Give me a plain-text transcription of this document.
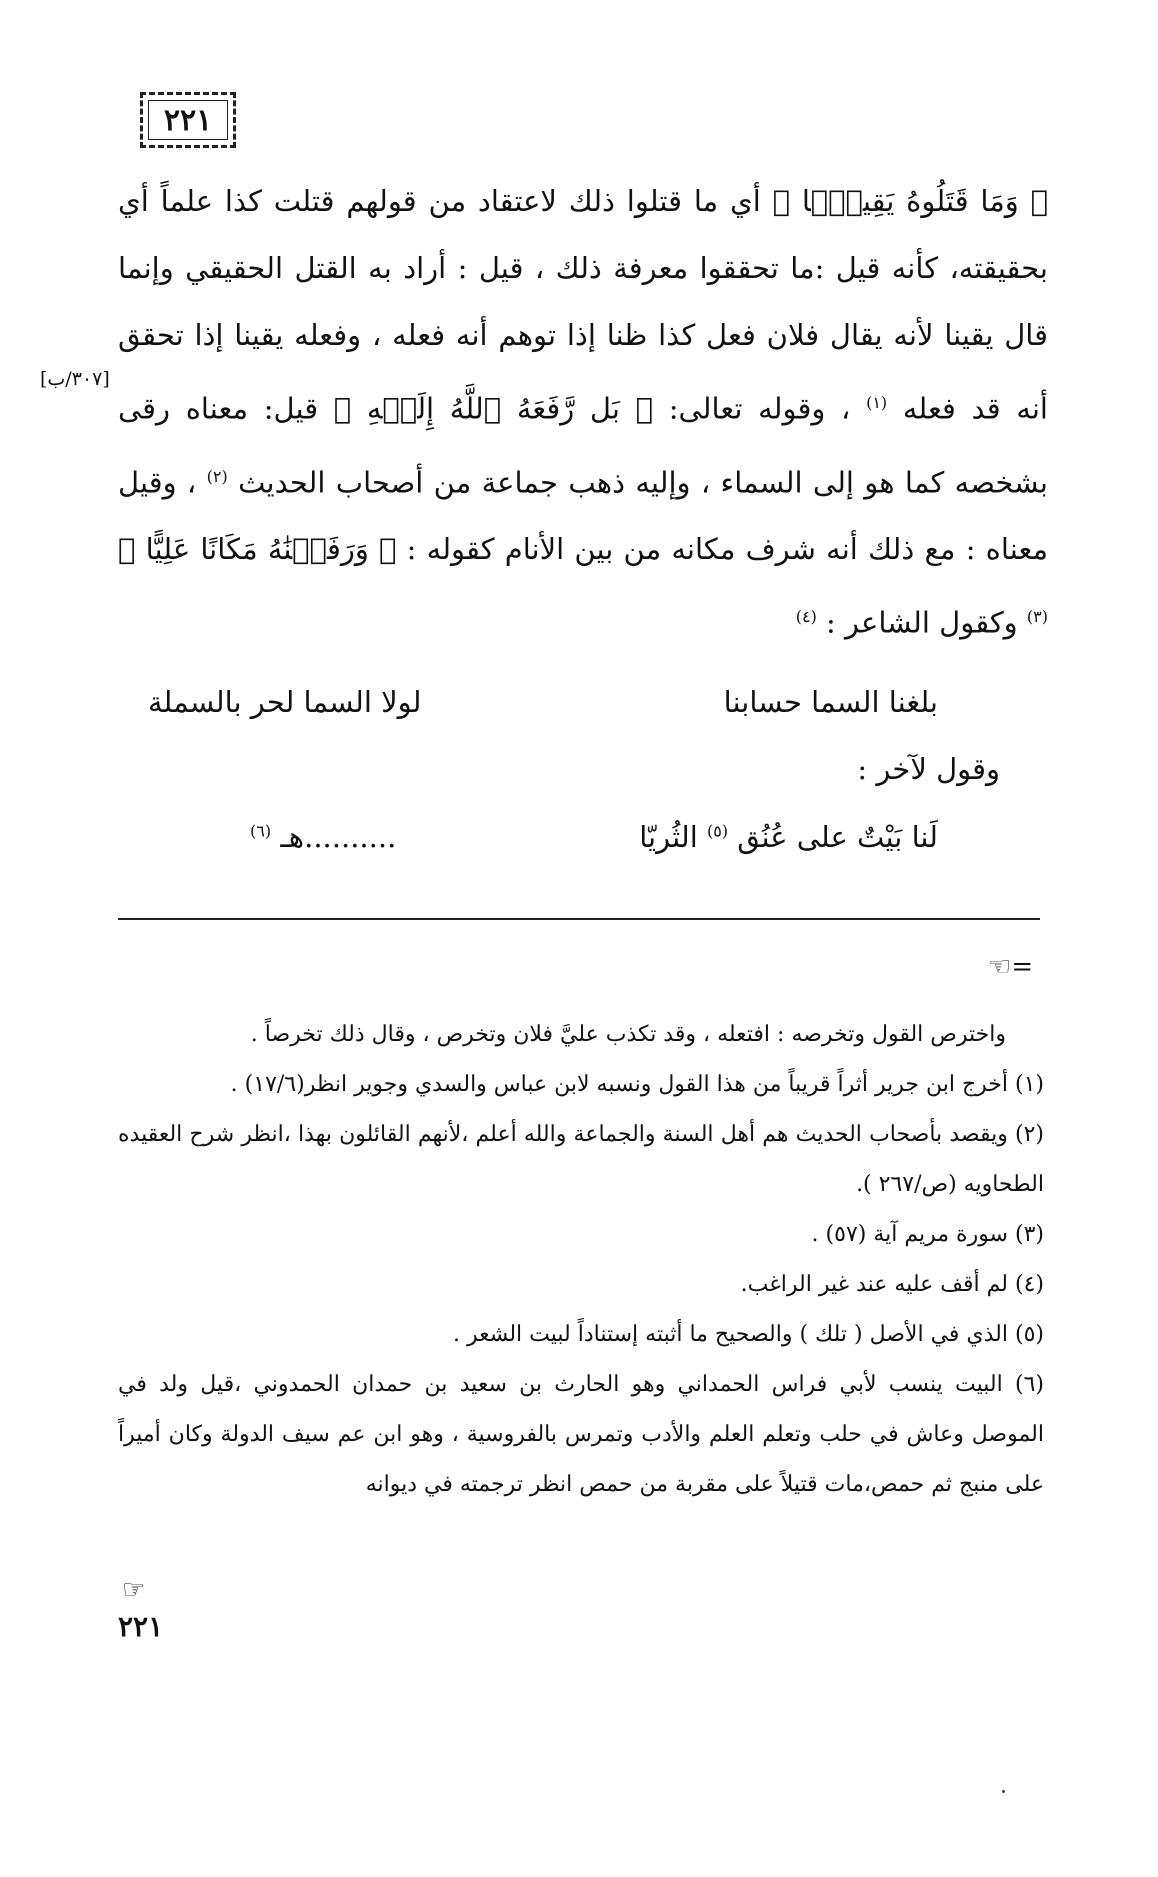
٢٢١
[٣٠٧/ب]

﴿ وَمَا قَتَلُوهُ يَقِينَۢا ﴾ أي ما قتلوا ذلك لاعتقاد من قولهم قتلت كذا علماً أي بحقيقته، كأنه قيل :ما تحققوا معرفة ذلك ، قيل : أراد به القتل الحقيقي وإنما قال يقينا لأنه يقال فلان فعل كذا ظنا إذا توهم أنه فعله ، وفعله يقينا إذا تحقق أنه قد فعله $^{(١)}$ ، وقوله تعالى: ﴿ بَل رَّفَعَهُ ٱللَّهُ إِلَيۡهِ ﴾ قيل: معناه رقى بشخصه كما هو إلى السماء ، وإليه ذهب جماعة من أصحاب الحديث $^{(٢)}$ ، وقيل معناه : مع ذلك أنه شرف مكانه من بين الأنام كقوله : ﴿ وَرَفَعۡنَٰهُ مَكَانًا عَلِيًّا ﴾ $^{(٣)}$ وكقول الشاعر : $^{(٤)}$

بلغنا السما حسابنا
لولا السما لحر بالسملة
وقول لآخر :
لَنا بَيْتٌ على عُنُق $^{(٥)}$ الثُريّا
..........هـ $^{(٦)}$
☜=

واخترص القول وتخرصه : افتعله ، وقد تكذب عليَّ فلان وتخرص ، وقال ذلك تخرصاً .

(١) أخرج ابن جرير أثراً قريباً من هذا القول ونسبه لابن عباس والسدي وجوير انظر(١٧/٦) .

(٢) ويقصد بأصحاب الحديث هم أهل السنة والجماعة والله أعلم ،لأنهم القائلون بهذا ،انظر شرح العقيده الطحاويه (ص/٢٦٧ ).

(٣) سورة مريم آية (٥٧) .

(٤) لم أقف عليه عند غير الراغب.

(٥) الذي في الأصل ( تلك ) والصحيح ما أثبته إستناداً لبيت الشعر .

(٦) البيت ينسب لأبي فراس الحمداني وهو الحارث بن سعيد بن حمدان الحمدوني ،قيل ولد في الموصل وعاش في حلب وتعلم العلم والأدب وتمرس بالفروسية ، وهو ابن عم سيف الدولة وكان أميراً على منبج ثم حمص،مات قتيلاً على مقربة من حمص انظر ترجمته في ديوانه

☞
٢٢١
